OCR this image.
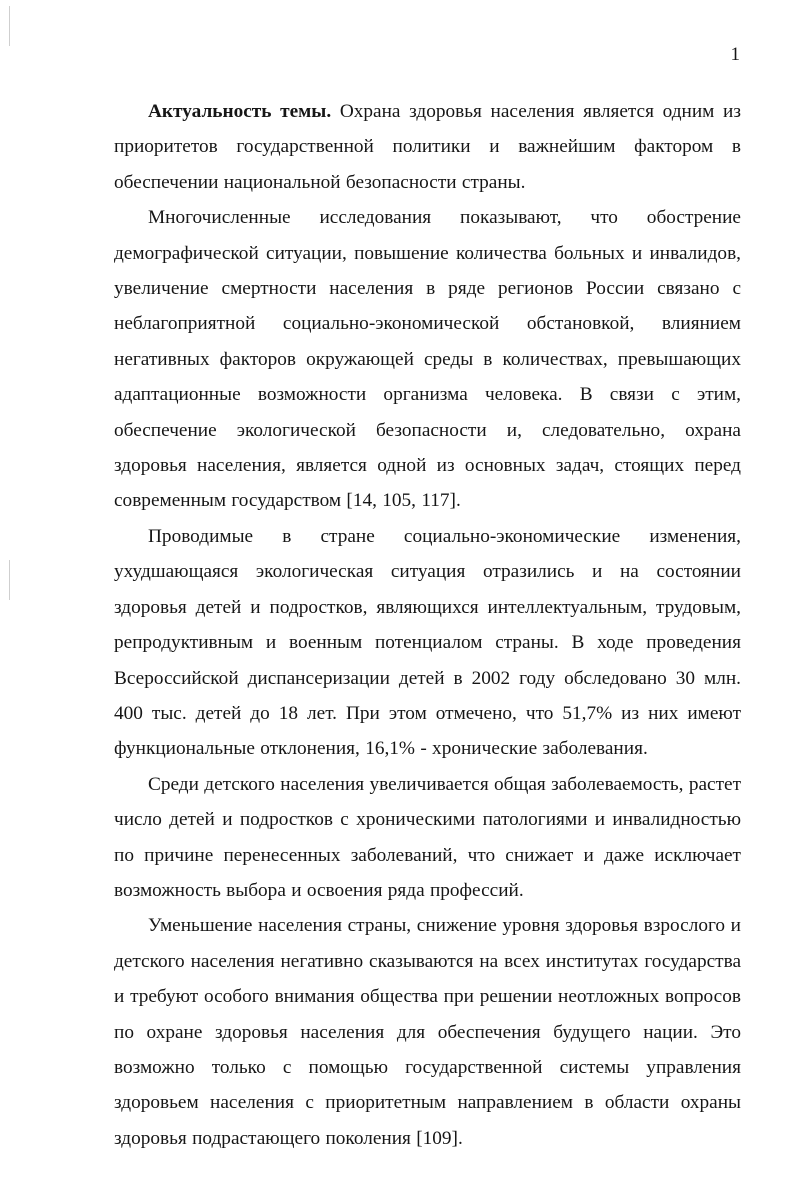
1

Актуальность темы. Охрана здоровья населения является одним из приоритетов государственной политики и важнейшим фактором в обеспечении национальной безопасности страны.

Многочисленные исследования показывают, что обострение демографической ситуации, повышение количества больных и инвалидов, увеличение смертности населения в ряде регионов России связано с неблагоприятной социально-экономической обстановкой, влиянием негативных факторов окружающей среды в количествах, превышающих адаптационные возможности организма человека. В связи с этим, обеспечение экологической безопасности и, следовательно, охрана здоровья населения, является одной из основных задач, стоящих перед современным государством [14, 105, 117].

Проводимые в стране социально-экономические изменения, ухудшающаяся экологическая ситуация отразились и на состоянии здоровья детей и подростков, являющихся интеллектуальным, трудовым, репродуктивным и военным потенциалом страны. В ходе проведения Всероссийской диспансеризации детей в 2002 году обследовано 30 млн. 400 тыс. детей до 18 лет. При этом отмечено, что 51,7% из них имеют функциональные отклонения, 16,1% - хронические заболевания.

Среди детского населения увеличивается общая заболеваемость, растет число детей и подростков с хроническими патологиями и инвалидностью по причине перенесенных заболеваний, что снижает и даже исключает возможность выбора и освоения ряда профессий.

Уменьшение населения страны, снижение уровня здоровья взрослого и детского населения негативно сказываются на всех институтах государства и требуют особого внимания общества при решении неотложных вопросов по охране здоровья населения для обеспечения будущего нации. Это возможно только с помощью государственной системы управления здоровьем населения с приоритетным направлением в области охраны здоровья подрастающего поколения [109].
